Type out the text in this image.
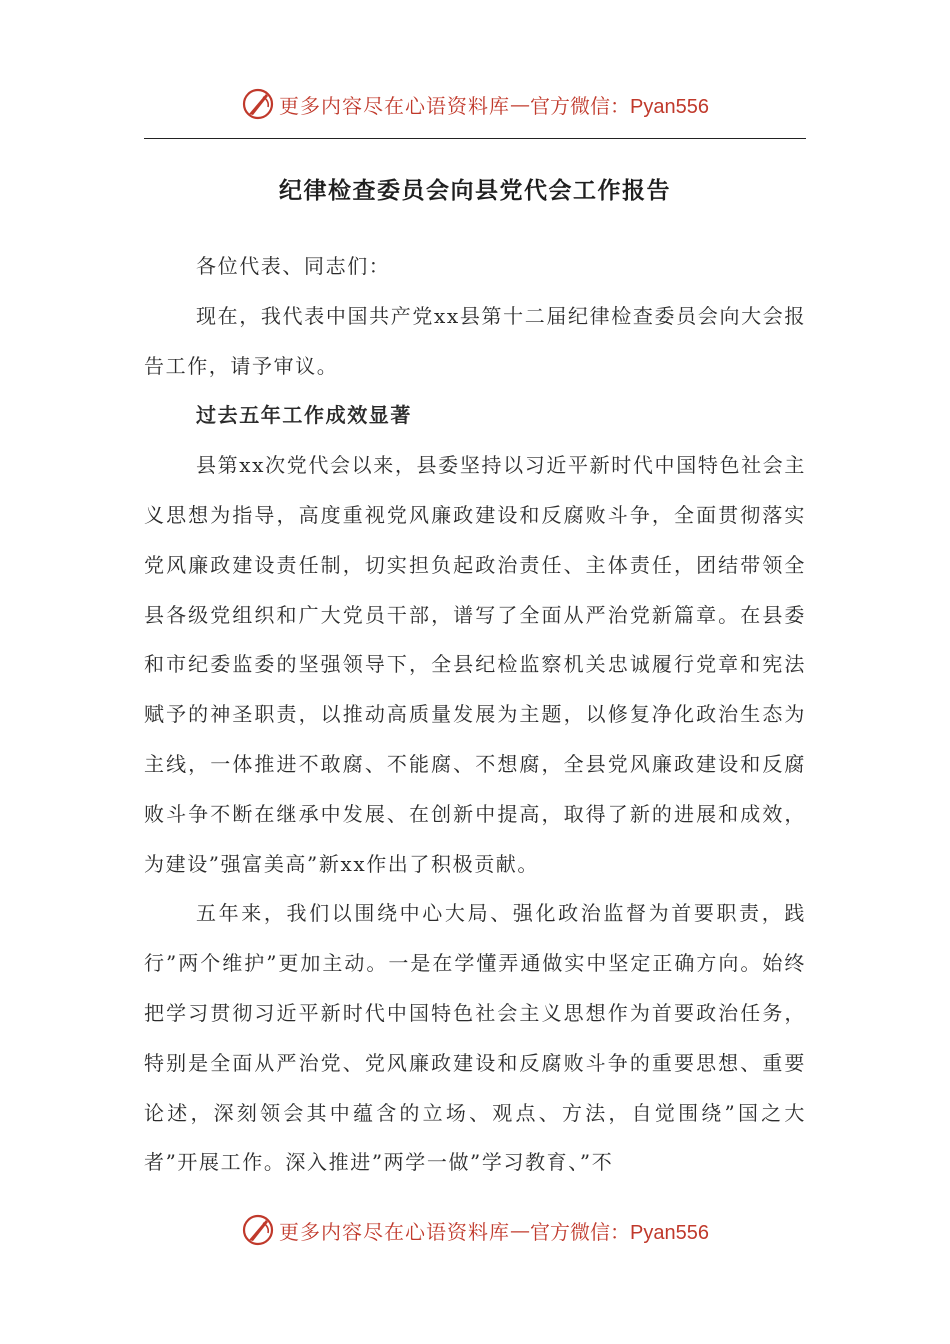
更多内容尽在心语资料库 — 官方微信：Pyan556
纪律检查委员会向县党代会工作报告

各位代表、同志们：

现在，我代表中国共产党xx县第十二届纪律检查委员会向大会报告工作，请予审议。

过去五年工作成效显著

县第xx次党代会以来，县委坚持以习近平新时代中国特色社会主义思想为指导，高度重视党风廉政建设和反腐败斗争，全面贯彻落实党风廉政建设责任制，切实担负起政治责任、主体责任，团结带领全县各级党组织和广大党员干部，谱写了全面从严治党新篇章。在县委和市纪委监委的坚强领导下，全县纪检监察机关忠诚履行党章和宪法赋予的神圣职责，以推动高质量发展为主题，以修复净化政治生态为主线，一体推进不敢腐、不能腐、不想腐，全县党风廉政建设和反腐败斗争不断在继承中发展、在创新中提高，取得了新的进展和成效，为建设”强富美高”新xx作出了积极贡献。

五年来，我们以围绕中心大局、强化政治监督为首要职责，践行”两个维护”更加主动。一是在学懂弄通做实中坚定正确方向。始终把学习贯彻习近平新时代中国特色社会主义思想作为首要政治任务，特别是全面从严治党、党风廉政建设和反腐败斗争的重要思想、重要论述，深刻领会其中蕴含的立场、观点、方法，自觉围绕”国之大者”开展工作。深入推进”两学一做”学习教育、”不

更多内容尽在心语资料库 — 官方微信：Pyan556
